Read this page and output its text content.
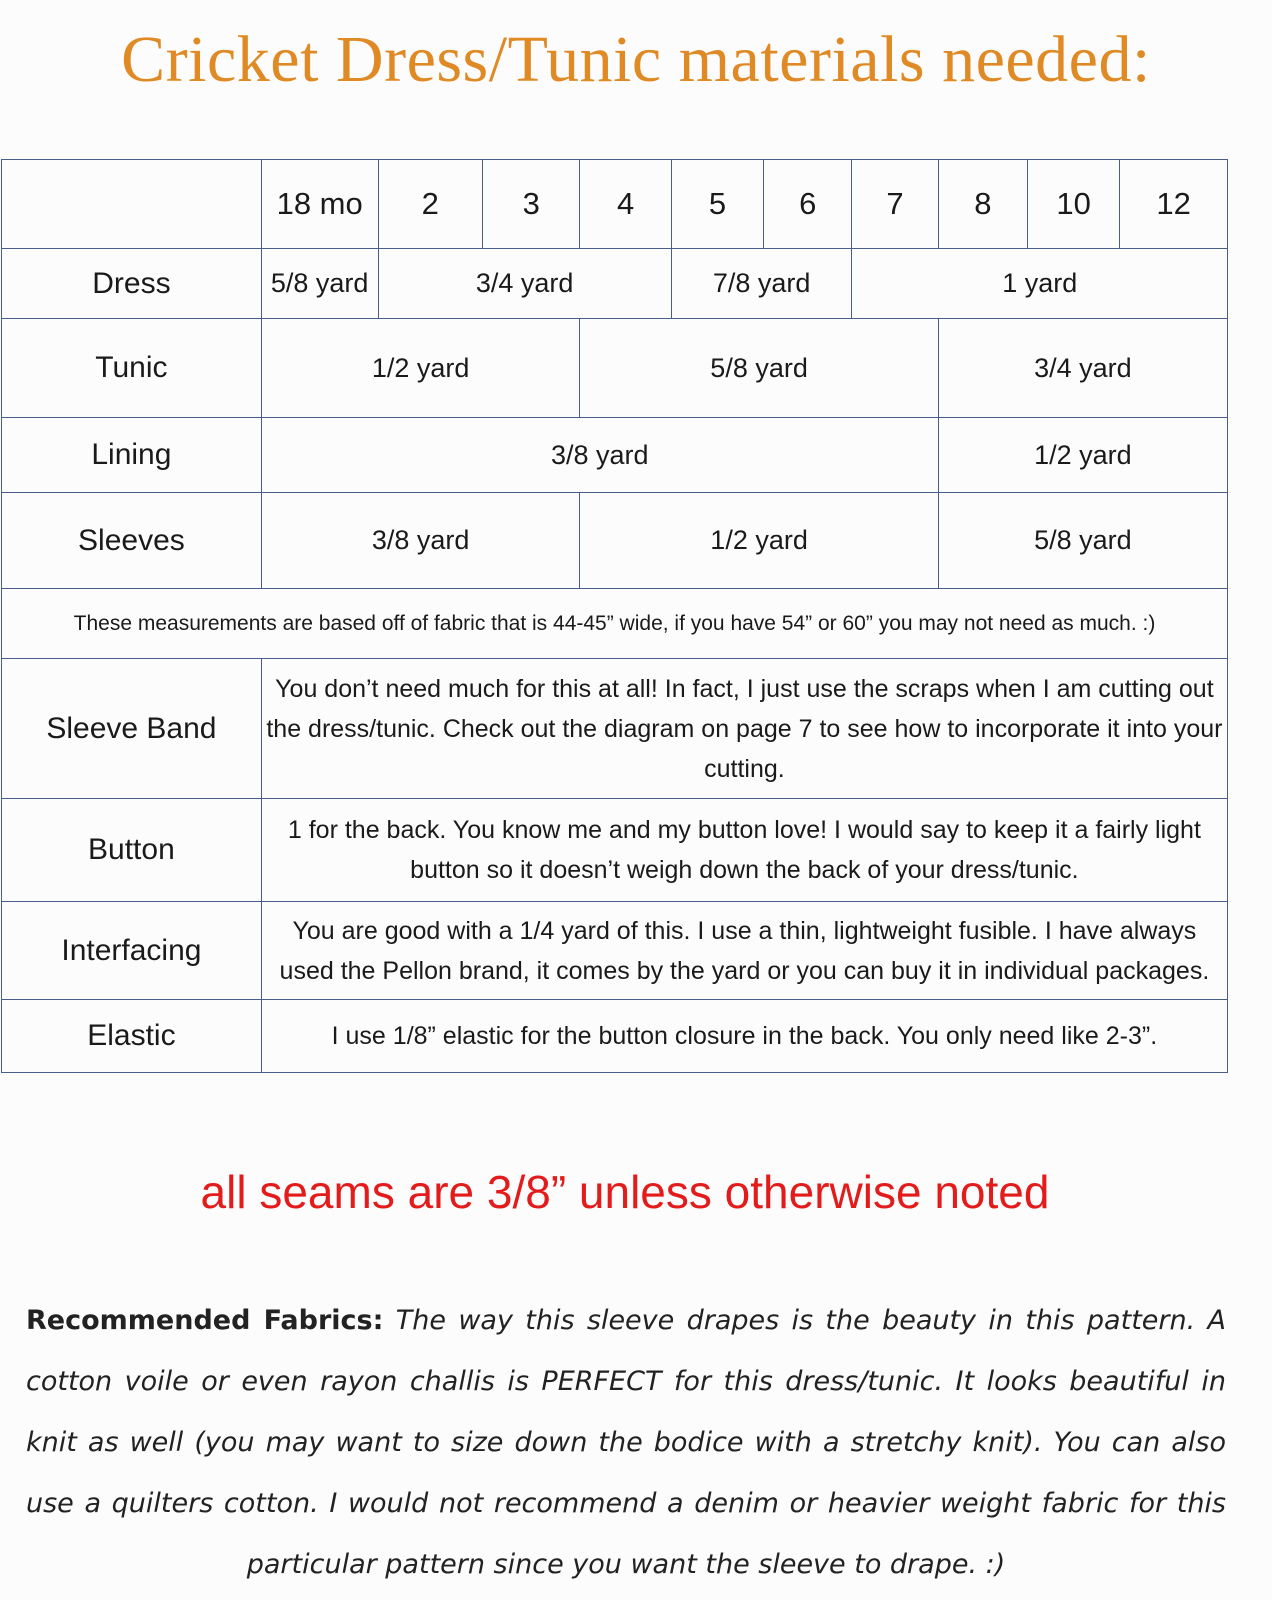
Cricket Dress/Tunic materials needed:
	18 mo	2	3	4	5	6	7	8	10	12
Dress	5/8 yard	3/4 yard			7/8 yard		1 yard			
Tunic	1/2 yard			5/8 yard				3/4 yard		
Lining	3/8 yard							1/2 yard		
Sleeves	3/8 yard			1/2 yard				5/8 yard		
These measurements are based off of fabric that is 44-45” wide, if you have 54” or 60” you may not need as much. :)										
Sleeve Band	You don’t need much for this at all! In fact, I just use the scraps when I am cutting out the dress/tunic. Check out the diagram on page 7 to see how to incorporate it into your cutting.									
Button	1 for the back. You know me and my button love! I would say to keep it a fairly light button so it doesn’t weigh down the back of your dress/tunic.									
Interfacing	You are good with a 1/4 yard of this. I use a thin, lightweight fusible. I have always used the Pellon brand, it comes by the yard or you can buy it in individual packages.									
Elastic	I use 1/8” elastic for the button closure in the back. You only need like 2-3”.									
all seams are 3/8” unless otherwise noted
Recommended Fabrics: The way this sleeve drapes is the beauty in this pattern. A cotton voile or even rayon challis is PERFECT for this dress/tunic. It looks beautiful in knit as well (you may want to size down the bodice with a stretchy knit). You can also use a quilters cotton. I would not recommend a denim or heavier weight fabric for this particular pattern since you want the sleeve to drape. :)
